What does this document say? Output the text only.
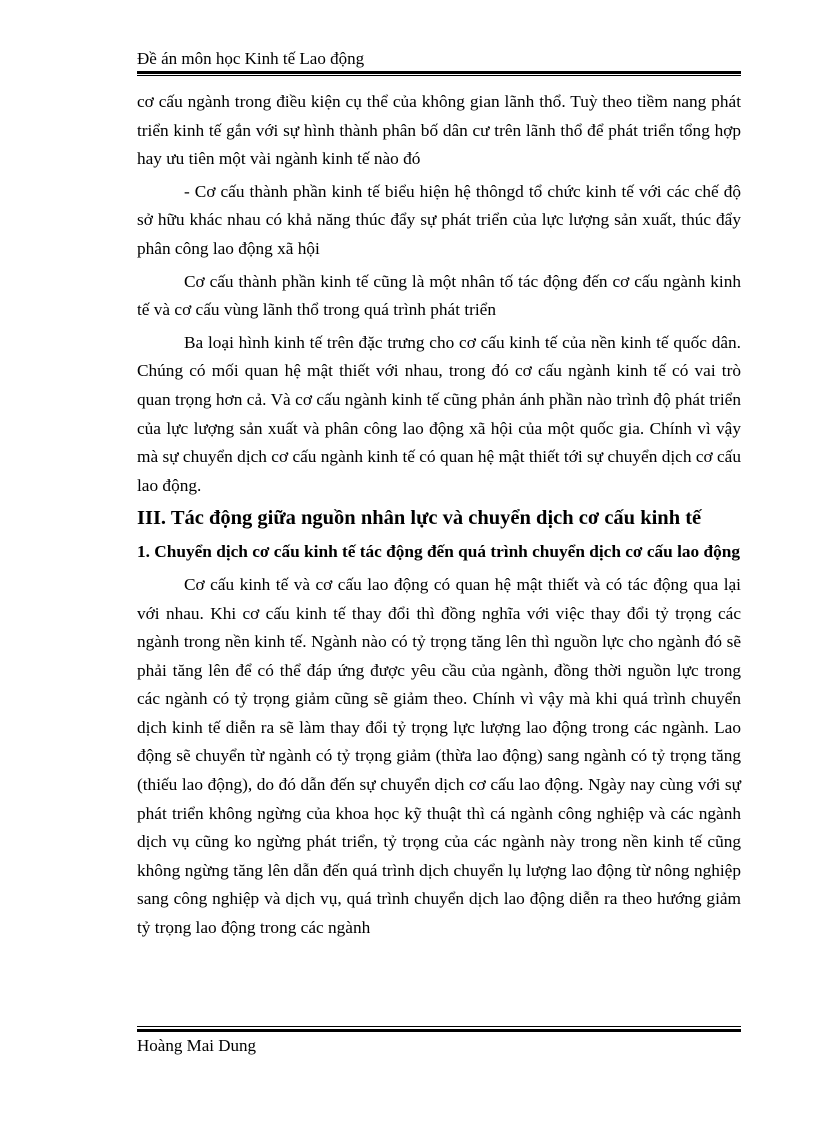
Đề án môn học Kinh tế Lao động

cơ cấu ngành trong điều kiện cụ thể của không gian lãnh thổ. Tuỳ theo tiềm nang phát triển kinh tế gắn với sự hình thành phân bố dân cư trên lãnh thổ để phát triển tổng hợp hay ưu tiên một vài ngành kinh tế nào đó

- Cơ cấu thành phần kinh tế biểu hiện hệ thôngd tổ chức kinh tế với các chế độ sở hữu khác nhau có khả năng thúc đẩy sự phát triển của lực lượng sản xuất, thúc đẩy phân công lao động xã hội

Cơ cấu thành phần kinh tế cũng là một nhân tố tác động đến cơ cấu ngành kinh tế và cơ cấu vùng lãnh thổ trong quá trình phát triển

Ba loại hình kinh tế trên đặc trưng cho cơ cấu kinh tế của nền kinh tế quốc dân. Chúng có mối quan hệ mật thiết với nhau, trong đó cơ cấu ngành kinh tế có vai trò quan trọng hơn cả. Và cơ cấu ngành kinh tế cũng phản ánh phần nào trình độ phát triển của lực lượng sản xuất và phân công lao động xã hội của một quốc gia. Chính vì vậy mà sự chuyển dịch cơ cấu ngành kinh tế có quan hệ mật thiết tới sự chuyển dịch cơ cấu lao động.

III. Tác động giữa nguồn nhân lực và chuyển dịch cơ cấu kinh tế
1. Chuyển dịch cơ cấu kinh tế tác động đến quá trình chuyển dịch cơ cấu lao động

Cơ cấu kinh tế và cơ cấu lao động có quan hệ mật thiết và có tác động qua lại với nhau. Khi cơ cấu kinh tế thay đổi thì đồng nghĩa với việc thay đổi tỷ trọng các ngành trong nền kinh tế. Ngành nào có tỷ trọng tăng lên thì nguồn lực cho ngành đó sẽ phải tăng lên để có thể đáp ứng được yêu cầu của ngành, đồng thời nguồn lực trong các ngành có tỷ trọng giảm cũng sẽ giảm theo. Chính vì vậy mà khi quá trình chuyển dịch kinh tế diễn ra sẽ làm thay đổi tỷ trọng lực lượng lao động trong các ngành. Lao động sẽ chuyển từ ngành có tỷ trọng giảm (thừa lao động) sang ngành có tỷ trọng tăng (thiếu lao động), do đó dẫn đến sự chuyển dịch cơ cấu lao động. Ngày nay cùng với sự phát triển không ngừng của khoa học kỹ thuật thì cá ngành công nghiệp và các ngành dịch vụ cũng ko ngừng phát triển, tỷ trọng của các ngành này trong nền kinh tế cũng không ngừng tăng lên dẫn đến quá trình dịch chuyển lụ lượng lao động từ nông nghiệp sang công nghiệp và dịch vụ, quá trình chuyển dịch lao động diễn ra theo hướng giảm tỷ trọng lao động trong các ngành

Hoàng Mai Dung
